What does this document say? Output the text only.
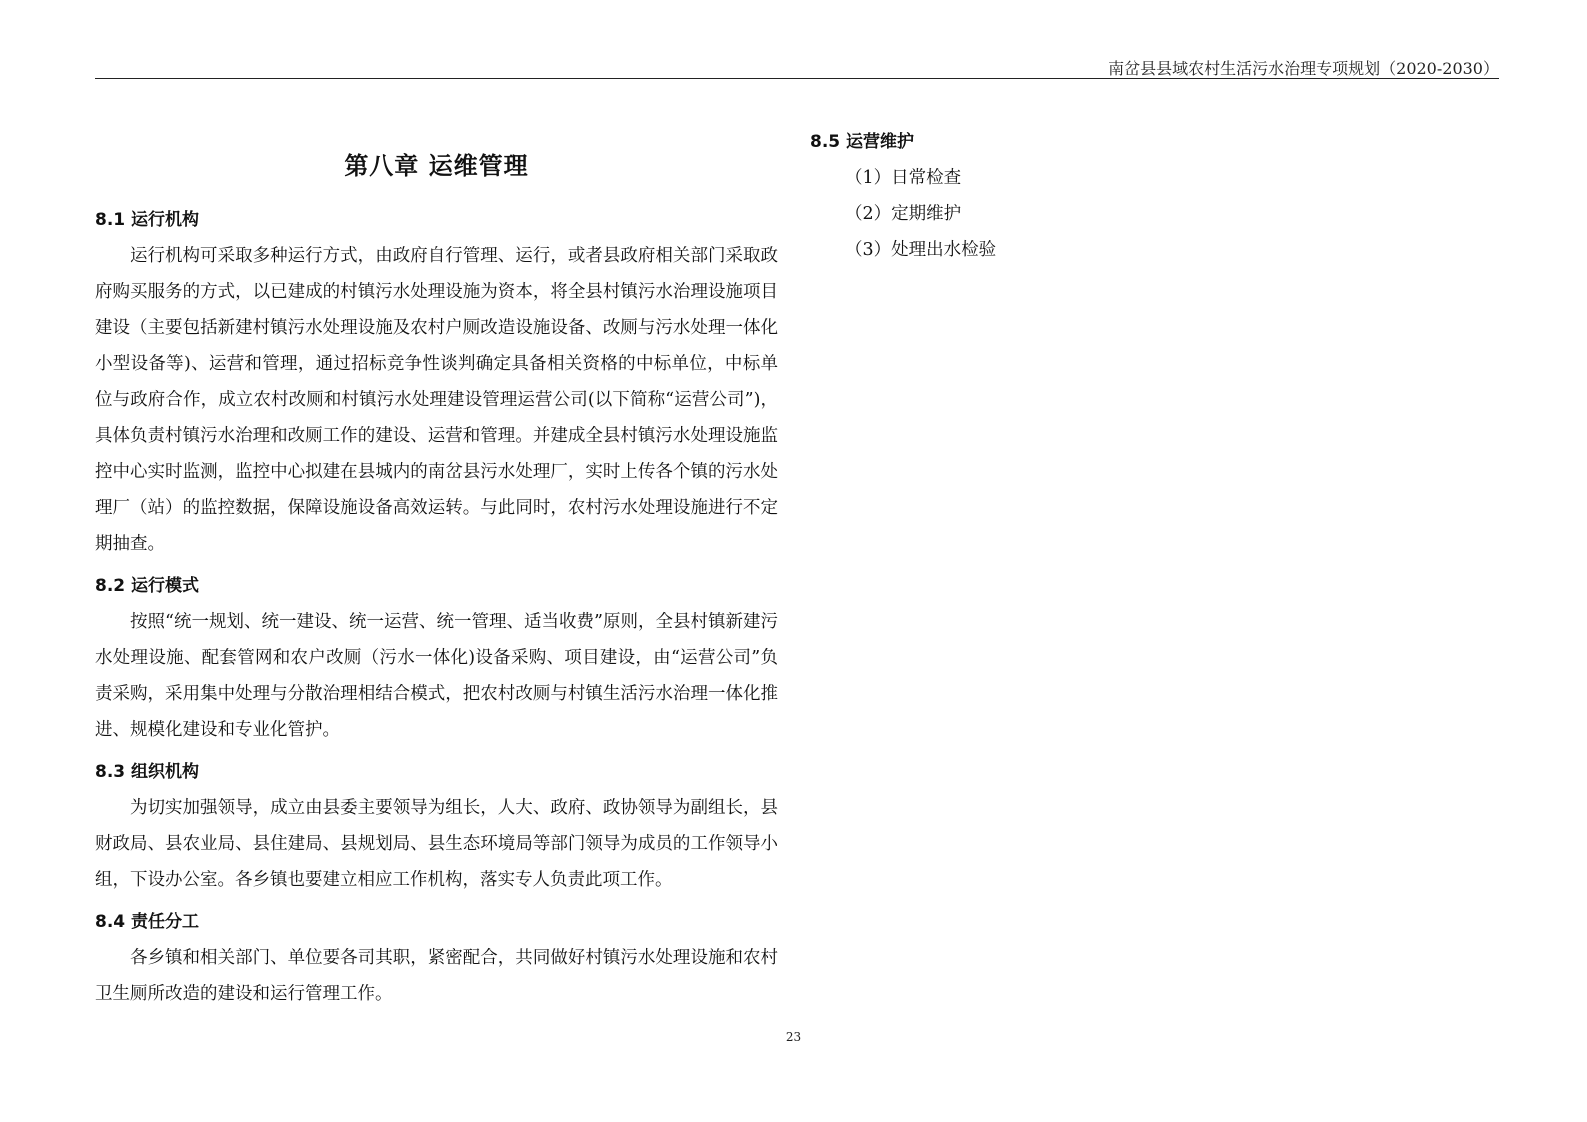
南岔县县域农村生活污水治理专项规划（2020-2030）
第八章 运维管理
8.1 运行机构

运行机构可采取多种运行方式，由政府自行管理、运行，或者县政府相关部门采取政府购买服务的方式，以已建成的村镇污水处理设施为资本，将全县村镇污水治理设施项目建设（主要包括新建村镇污水处理设施及农村户厕改造设施设备、改厕与污水处理一体化小型设备等)、运营和管理，通过招标竞争性谈判确定具备相关资格的中标单位，中标单位与政府合作，成立农村改厕和村镇污水处理建设管理运营公司(以下简称“运营公司”)，具体负责村镇污水治理和改厕工作的建设、运营和管理。并建成全县村镇污水处理设施监控中心实时监测，监控中心拟建在县城内的南岔县污水处理厂，实时上传各个镇的污水处理厂（站）的监控数据，保障设施设备高效运转。与此同时，农村污水处理设施进行不定期抽查。

8.2 运行模式

按照“统一规划、统一建设、统一运营、统一管理、适当收费”原则，全县村镇新建污水处理设施、配套管网和农户改厕（污水一体化)设备采购、项目建设，由“运营公司”负责采购，采用集中处理与分散治理相结合模式，把农村改厕与村镇生活污水治理一体化推进、规模化建设和专业化管护。

8.3 组织机构

为切实加强领导，成立由县委主要领导为组长，人大、政府、政协领导为副组长，县财政局、县农业局、县住建局、县规划局、县生态环境局等部门领导为成员的工作领导小组，下设办公室。各乡镇也要建立相应工作机构，落实专人负责此项工作。

8.4 责任分工

各乡镇和相关部门、单位要各司其职，紧密配合，共同做好村镇污水处理设施和农村卫生厕所改造的建设和运行管理工作。

8.5 运营维护
（1）日常检查
（2）定期维护
（3）处理出水检验
23
